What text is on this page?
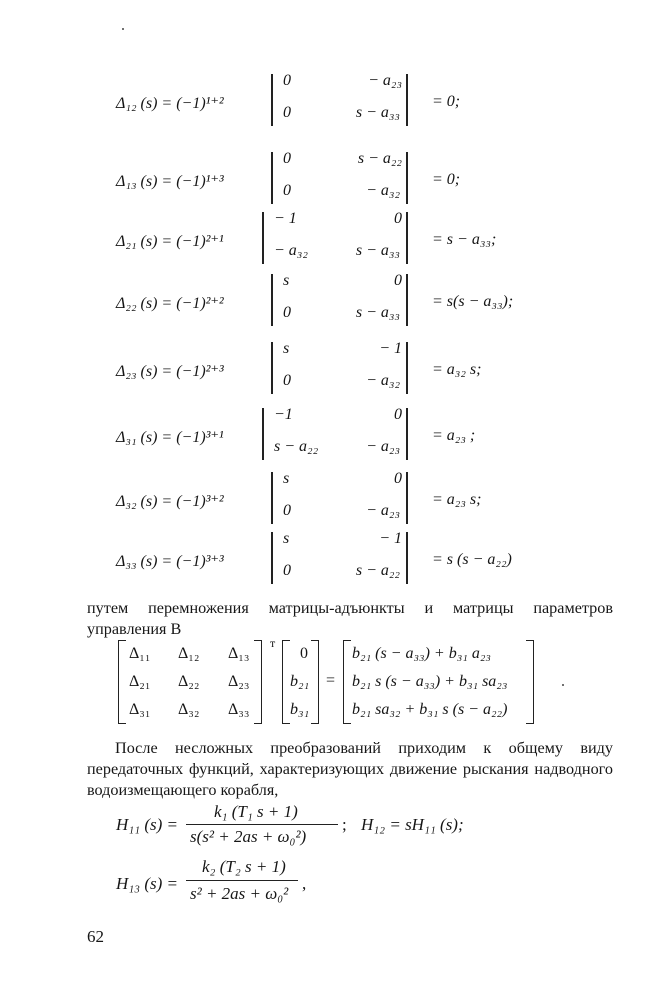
Δ₁₂ (s) = (−1)¹⁺²
0
0
− a₂₃
s − a₃₃
= 0;
Δ₁₃ (s) = (−1)¹⁺³
0
0
s − a₂₂
− a₃₂
= 0;
Δ₂₁ (s) = (−1)²⁺¹
− 1
− a₃₂
0
s − a₃₃
= s − a₃₃;
Δ₂₂ (s) = (−1)²⁺²
s
0
0
s − a₃₃
= s(s − a₃₃);
Δ₂₃ (s) = (−1)²⁺³
s
0
− 1
− a₃₂
= a₃₂ s;
Δ₃₁ (s) = (−1)³⁺¹
−1
s − a₂₂
0
− a₂₃
= a₂₃ ;
Δ₃₂ (s) = (−1)³⁺²
s
0
0
− a₂₃
= a₂₃ s;
Δ₃₃ (s) = (−1)³⁺³
s
0
− 1
s − a₂₂
= s (s − a₂₂)
путем перемножения матрицы-адъюнкты и матрицы параметров управления B
Δ₁₁ Δ₁₂ Δ₁₃
Δ₂₁ Δ₂₂ Δ₂₃
Δ₃₁ Δ₃₂ Δ₃₃
т
0
b₂₁
b₃₁
=
b₂₁ (s − a₃₃) + b₃₁ a₂₃
b₂₁ s (s − a₃₃) + b₃₁ sa₂₃
b₂₁ sa₃₂ + b₃₁ s (s − a₂₂)
После несложных преобразований приходим к общему виду передаточных функций, характеризующих движение рыскания надводного водоизмещающего корабля,
H₁₁ (s) =
k₁ (T₁ s + 1)
s(s² + 2as + ω₀²)
; H₁₂ = sH₁₁ (s);
H₁₃ (s) =
k₂ (T₂ s + 1)
s² + 2as + ω₀²
,
62
